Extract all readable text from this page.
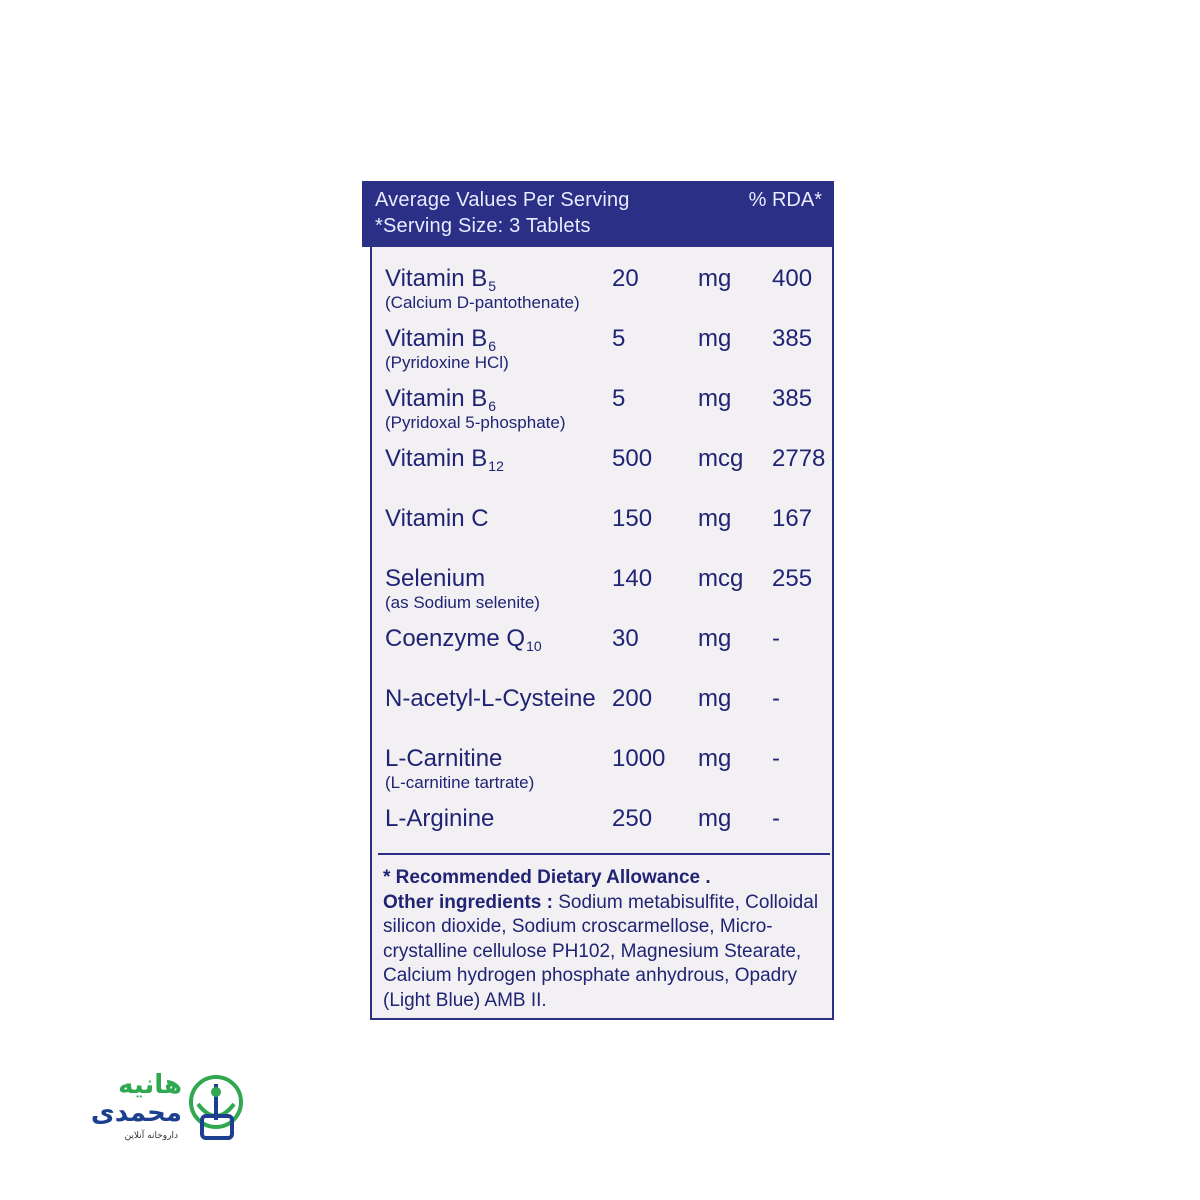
Vitamin $B_5$
(Calcium D-pantothenate)
20 mg 400
Vitamin $B_6$
(Pyridoxine HCl)
5	mg 385
Vitamin $B_6$
(Pyridoxal 5-phosphate)
5	mg 385
Vitamin $B_{12}$	500 mcg 2778
Vitamin C	150 mg 167
Selenium
(as Sodium selenite)
140 mcg 255
Coenzyme $Q_{10}$	30 mg -
N-acetyl-L-Cysteine 200 mg -
L-Carnitine
(L-carnitine tartrate)
1000 mg -
L-Arginine	250 mg -
* Recommended Dietary Allowance .
Other ingredients : Sodium metabisulfite, Colloidal silicon dioxide, Sodium croscarmellose, Micro-crystalline cellulose PH102, Magnesium Stearate, Calcium hydrogen phosphate anhydrous, Opadry (Light Blue) AMB II.
Average Values Per Serving
*Serving Size: 3 Tablets
% RDA*
هانیه
محمدی
داروخانه آنلاین
